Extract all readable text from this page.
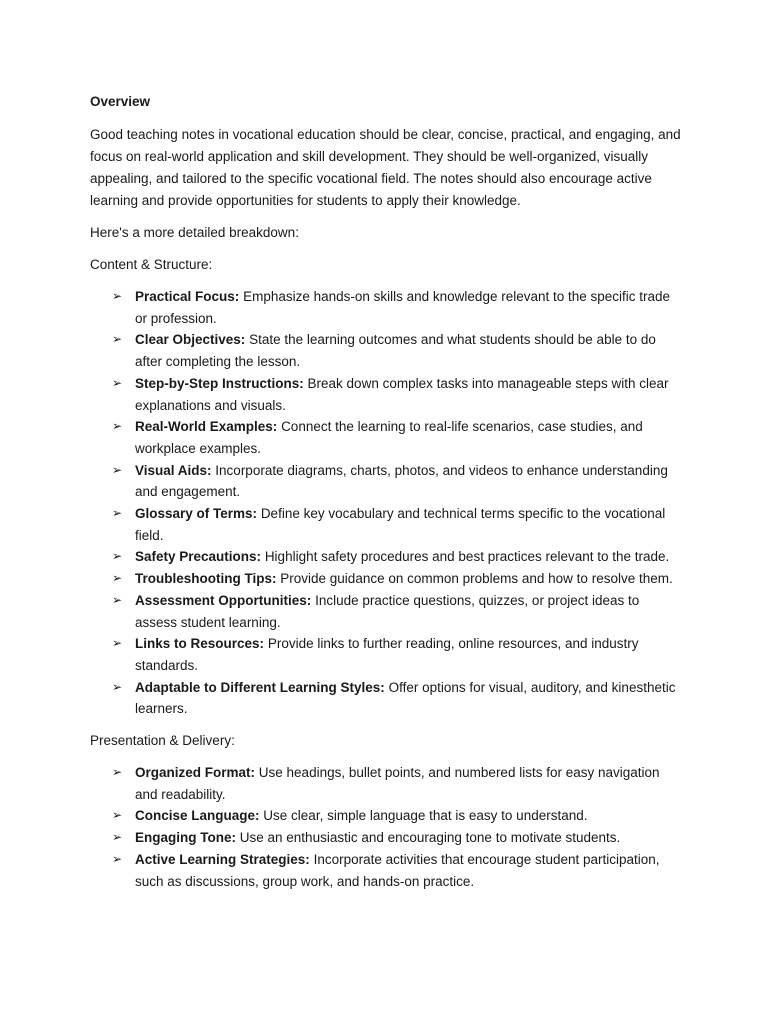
Overview

Good teaching notes in vocational education should be clear, concise, practical, and engaging, and focus on real-world application and skill development. They should be well-organized, visually appealing, and tailored to the specific vocational field. The notes should also encourage active learning and provide opportunities for students to apply their knowledge.

Here's a more detailed breakdown:

Content & Structure:
➢ Practical Focus: Emphasize hands-on skills and knowledge relevant to the specific trade or profession.
➢ Clear Objectives: State the learning outcomes and what students should be able to do after completing the lesson.
➢ Step-by-Step Instructions: Break down complex tasks into manageable steps with clear explanations and visuals.
➢ Real-World Examples: Connect the learning to real-life scenarios, case studies, and workplace examples.
➢ Visual Aids: Incorporate diagrams, charts, photos, and videos to enhance understanding and engagement.
➢ Glossary of Terms: Define key vocabulary and technical terms specific to the vocational field.
➢ Safety Precautions: Highlight safety procedures and best practices relevant to the trade.
➢ Troubleshooting Tips: Provide guidance on common problems and how to resolve them.
➢ Assessment Opportunities: Include practice questions, quizzes, or project ideas to assess student learning.
➢ Links to Resources: Provide links to further reading, online resources, and industry standards.
➢ Adaptable to Different Learning Styles: Offer options for visual, auditory, and kinesthetic learners.
Presentation & Delivery:
➢ Organized Format: Use headings, bullet points, and numbered lists for easy navigation and readability.
➢ Concise Language: Use clear, simple language that is easy to understand.
➢ Engaging Tone: Use an enthusiastic and encouraging tone to motivate students.
➢ Active Learning Strategies: Incorporate activities that encourage student participation, such as discussions, group work, and hands-on practice.
